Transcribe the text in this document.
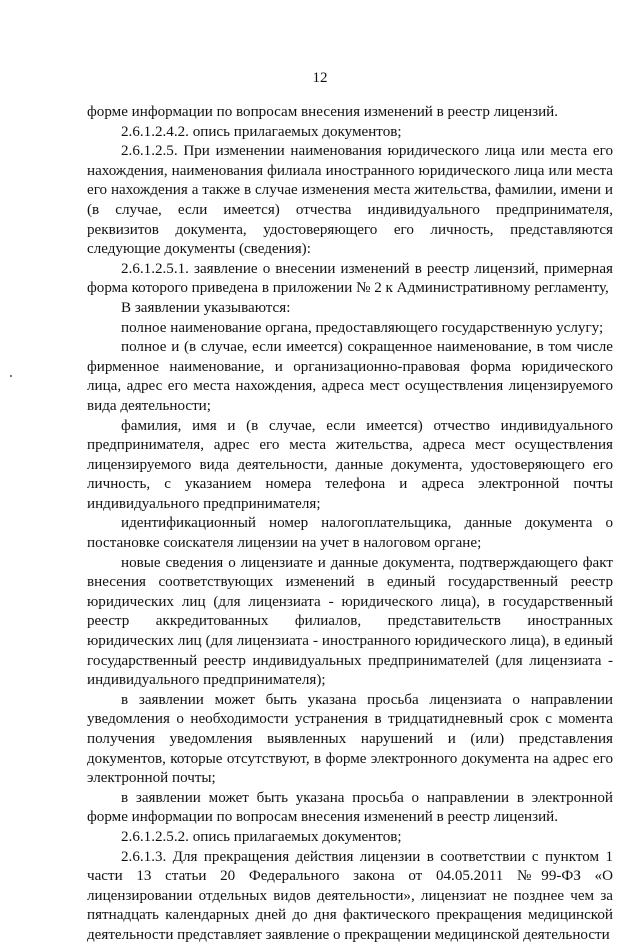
12

форме информации по вопросам внесения изменений в реестр лицензий.

2.6.1.2.4.2. опись прилагаемых документов;

2.6.1.2.5. При изменении наименования юридического лица или места его нахождения, наименования филиала иностранного юридического лица или места его нахождения а также в случае изменения места жительства, фамилии, имени и (в случае, если имеется) отчества индивидуального предпринимателя, реквизитов документа, удостоверяющего его личность, представляются следующие документы (сведения):

2.6.1.2.5.1. заявление о внесении изменений в реестр лицензий, примерная форма которого приведена в приложении № 2 к Административному регламенту,

В заявлении указываются:

полное наименование органа, предоставляющего государственную услугу;

полное и (в случае, если имеется) сокращенное наименование, в том числе фирменное наименование, и организационно-правовая форма юридического лица, адрес его места нахождения, адреса мест осуществления лицензируемого вида деятельности;

фамилия, имя и (в случае, если имеется) отчество индивидуального предпринимателя, адрес его места жительства, адреса мест осуществления лицензируемого вида деятельности, данные документа, удостоверяющего его личность, с указанием номера телефона и адреса электронной почты индивидуального предпринимателя;

идентификационный номер налогоплательщика, данные документа о постановке соискателя лицензии на учет в налоговом органе;

новые сведения о лицензиате и данные документа, подтверждающего факт внесения соответствующих изменений в единый государственный реестр юридических лиц (для лицензиата - юридического лица), в государственный реестр аккредитованных филиалов, представительств иностранных юридических лиц (для лицензиата - иностранного юридического лица), в единый государственный реестр индивидуальных предпринимателей (для лицензиата - индивидуального предпринимателя);

в заявлении может быть указана просьба лицензиата о направлении уведомления о необходимости устранения в тридцатидневный срок с момента получения уведомления выявленных нарушений и (или) представления документов, которые отсутствуют, в форме электронного документа на адрес его электронной почты;

в заявлении может быть указана просьба о направлении в электронной форме информации по вопросам внесения изменений в реестр лицензий.

2.6.1.2.5.2. опись прилагаемых документов;

2.6.1.3. Для прекращения действия лицензии в соответствии с пунктом 1 части 13 статьи 20 Федерального закона от 04.05.2011 №99-ФЗ «О лицензировании отдельных видов деятельности», лицензиат не позднее чем за пятнадцать календарных дней до дня фактического прекращения медицинской деятельности представляет заявление о прекращении медицинской деятельности
